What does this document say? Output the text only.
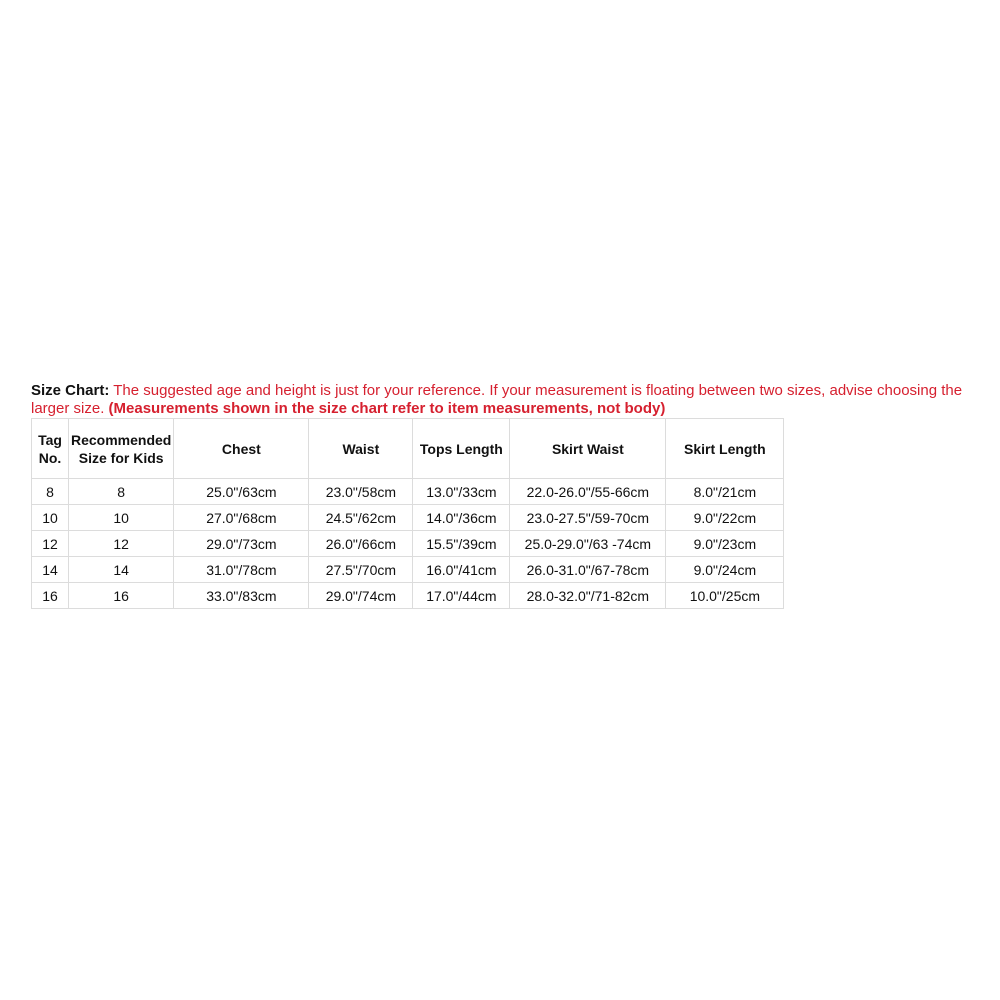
Size Chart: The suggested age and height is just for your reference. If your measurement is floating between two sizes, advise choosing the larger size. (Measurements shown in the size chart refer to item measurements, not body)
Tag No.	Recommended Size for Kids	Chest	Waist	Tops Length	Skirt Waist	Skirt Length
8	8	25.0"/63cm	23.0"/58cm	13.0"/33cm	22.0-26.0"/55-66cm	8.0"/21cm
10	10	27.0"/68cm	24.5"/62cm	14.0"/36cm	23.0-27.5"/59-70cm	9.0"/22cm
12	12	29.0"/73cm	26.0"/66cm	15.5"/39cm	25.0-29.0"/63 -74cm	9.0"/23cm
14	14	31.0"/78cm	27.5"/70cm	16.0"/41cm	26.0-31.0"/67-78cm	9.0"/24cm
16	16	33.0"/83cm	29.0"/74cm	17.0"/44cm	28.0-32.0"/71-82cm	10.0"/25cm
